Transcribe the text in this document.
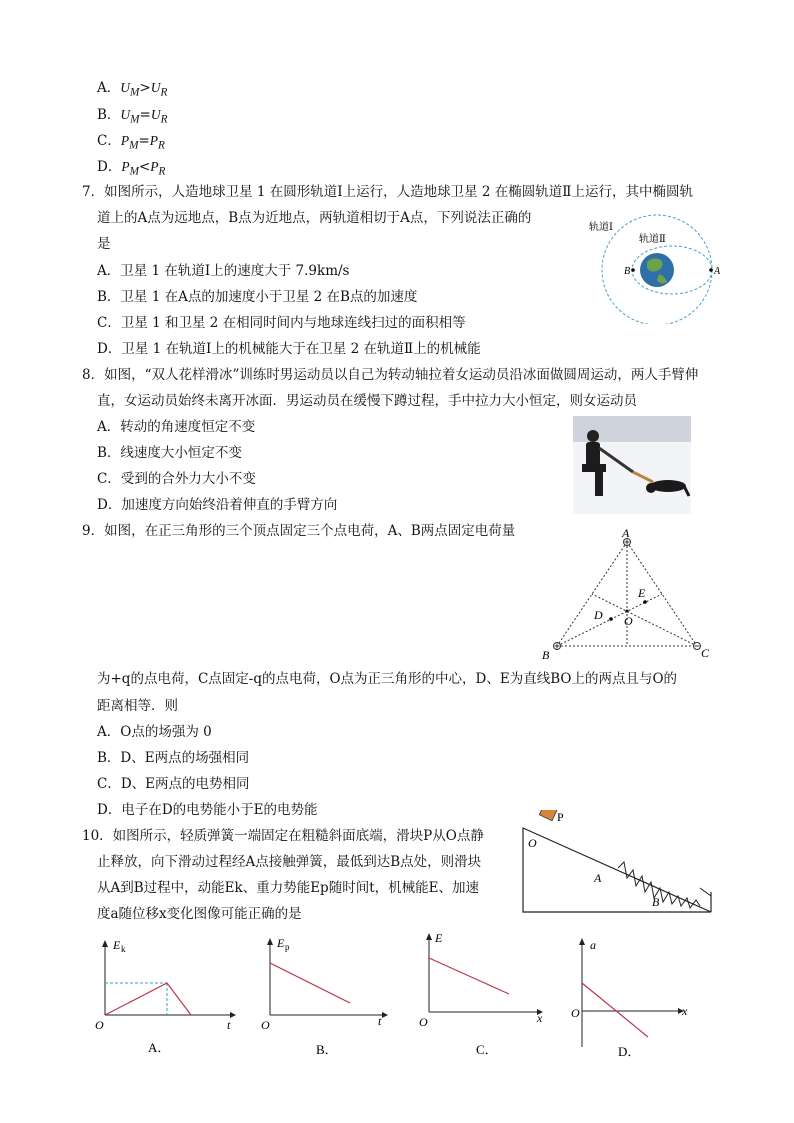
A．$U_M>U_R$
B．$U_M=U_R$
C．$P_M=P_R$
D．$P_M<P_R$
7．如图所示，人造地球卫星 1 在圆形轨道Ⅰ上运行，人造地球卫星 2 在椭圆轨道Ⅱ上运行，其中椭圆轨
道上的A点为远地点，B点为近地点，两轨道相切于A点，下列说法正确的
是
A．卫星 1 在轨道Ⅰ上的速度大于 7.9km/s
B．卫星 1 在A点的加速度小于卫星 2 在B点的加速度
C．卫星 1 和卫星 2 在相同时间内与地球连线扫过的面积相等
D．卫星 1 在轨道Ⅰ上的机械能大于在卫星 2 在轨道Ⅱ上的机械能
轨道Ⅰ
轨道Ⅱ
B	A
8．如图，“双人花样滑冰”训练时男运动员以自己为转动轴拉着女运动员沿冰面做圆周运动，两人手臂伸
直，女运动员始终未离开冰面．男运动员在缓慢下蹲过程，手中拉力大小恒定，则女运动员
A．转动的角速度恒定不变
B．线速度大小恒定不变
C．受到的合外力大小不变
D．加速度方向始终沿着伸直的手臂方向
9．如图，在正三角形的三个顶点固定三个点电荷，A、B两点固定电荷量	A
B	C
D
E
O
为+q的点电荷，C点固定-q的点电荷，O点为正三角形的中心，D、E为直线BO上的两点且与O的
距离相等．则
A．O点的场强为 0
B．D、E两点的场强相同
C．D、E两点的电势相同
D．电子在D的电势能小于E的电势能
10．如图所示，轻质弹簧一端固定在粗糙斜面底端，滑块P从O点静
止释放，向下滑动过程经A点接触弹簧，最低到达B点处，则滑块
从A到B过程中，动能Ek、重力势能Ep随时间t，机械能E、加速
度a随位移x变化图像可能正确的是
P
O
A
B
E k
O	t
A．
E p
O	t
B．
E
O	x
C．
a
O	x
D．
